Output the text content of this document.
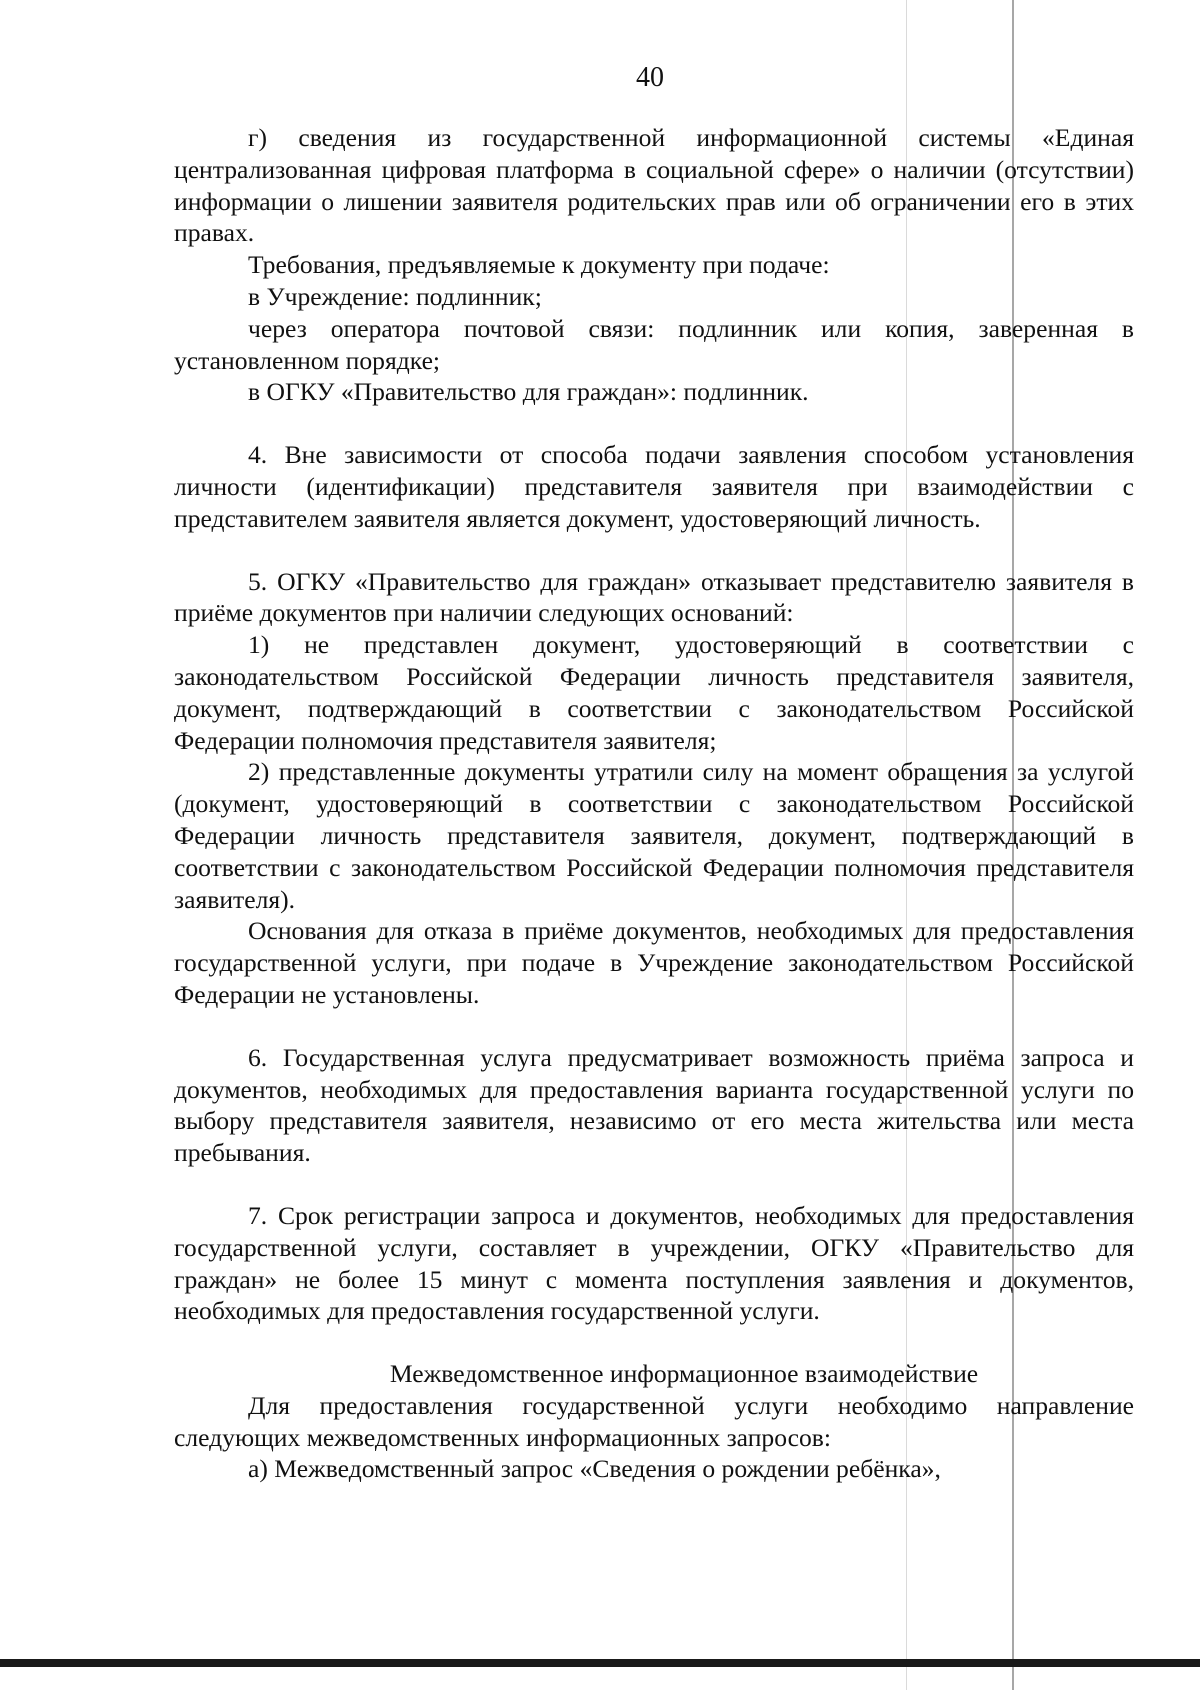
40

г) сведения из государственной информационной системы «Единая централизованная цифровая платформа в социальной сфере» о наличии (отсутствии) информации о лишении заявителя родительских прав или об ограничении его в этих правах.

Требования, предъявляемые к документу при подаче:

в Учреждение: подлинник;

через оператора почтовой связи: подлинник или копия, заверенная в установленном порядке;

в ОГКУ «Правительство для граждан»: подлинник.

4. Вне зависимости от способа подачи заявления способом установления личности (идентификации) представителя заявителя при взаимодействии с представителем заявителя является документ, удостоверяющий личность.

5. ОГКУ «Правительство для граждан» отказывает представителю заявителя в приёме документов при наличии следующих оснований:

1) не представлен документ, удостоверяющий в соответствии с законодательством Российской Федерации личность представителя заявителя, документ, подтверждающий в соответствии с законодательством Российской Федерации полномочия представителя заявителя;

2) представленные документы утратили силу на момент обращения за услугой (документ, удостоверяющий в соответствии с законодательством Российской Федерации личность представителя заявителя, документ, подтверждающий в соответствии с законодательством Российской Федерации полномочия представителя заявителя).

Основания для отказа в приёме документов, необходимых для предоставления государственной услуги, при подаче в Учреждение законодательством Российской Федерации не установлены.

6. Государственная услуга предусматривает возможность приёма запроса и документов, необходимых для предоставления варианта государственной услуги по выбору представителя заявителя, независимо от его места жительства или места пребывания.

7. Срок регистрации запроса и документов, необходимых для предоставления государственной услуги, составляет в учреждении, ОГКУ «Правительство для граждан» не более 15 минут с момента поступления заявления и документов, необходимых для предоставления государственной услуги.

Межведомственное информационное взаимодействие

Для предоставления государственной услуги необходимо направление следующих межведомственных информационных запросов:

а) Межведомственный запрос «Сведения о рождении ребёнка»,
